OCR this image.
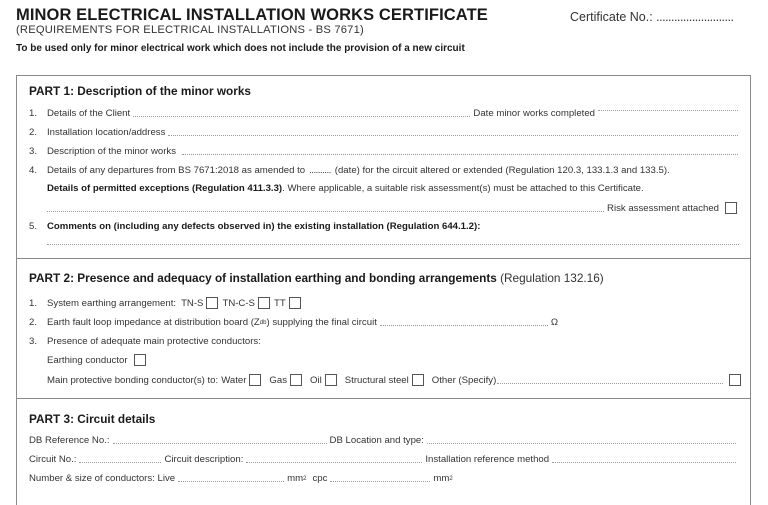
MINOR ELECTRICAL INSTALLATION WORKS CERTIFICATE
(REQUIREMENTS FOR ELECTRICAL INSTALLATIONS - BS 7671)
To be used only for minor electrical work which does not include the provision of a new circuit
Certificate No.: ..........................
PART 1: Description of the minor works
1.	Details of the Client	Date minor works completed
2.	Installation location/address
3.	Description of the minor works
4.	Details of any departures from BS 7671:2018 as amended to .......... (date) for the circuit altered or extended (Regulation 120.3, 133.1.3 and 133.5).
Details of permitted exceptions (Regulation 411.3.3) . Where applicable, a suitable risk assessment(s) must be attached to this Certificate.
Risk assessment attached
5.	Comments on (including any defects observed in) the existing installation (Regulation 644.1.2):
PART 2: Presence and adequacy of installation earthing and bonding arrangements (Regulation 132.16)
1.	System earthing arrangement: TN-S TN-C-S TT
2.	Earth fault loop impedance at distribution board (Z db ) supplying the final circuit	Ω
3.	Presence of adequate main protective conductors:
Earthing conductor
Main protective bonding conductor(s) to: Water Gas Oil Structural steel Other (Specify)
PART 3: Circuit details
DB Reference No.:	DB Location and type:
Circuit No.:	Circuit description:	Installation reference method
Number & size of conductors: Live	mm 2 cpc	mm 2
